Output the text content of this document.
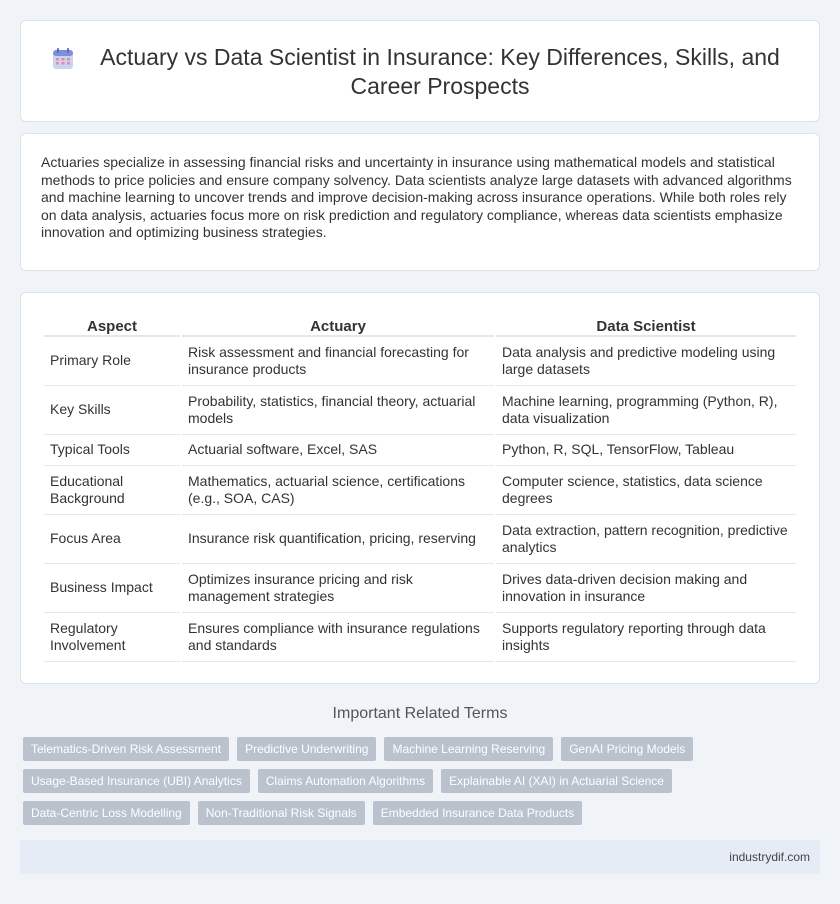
Actuary vs Data Scientist in Insurance: Key Differences, Skills, and Career Prospects

Actuaries specialize in assessing financial risks and uncertainty in insurance using mathematical models and statistical methods to price policies and ensure company solvency. Data scientists analyze large datasets with advanced algorithms and machine learning to uncover trends and improve decision-making across insurance operations. While both roles rely on data analysis, actuaries focus more on risk prediction and regulatory compliance, whereas data scientists emphasize innovation and optimizing business strategies.

Aspect	Actuary	Data Scientist
Primary Role	Risk assessment and financial forecasting for insurance products	Data analysis and predictive modeling using large datasets
Key Skills	Probability, statistics, financial theory, actuarial models	Machine learning, programming (Python, R), data visualization
Typical Tools	Actuarial software, Excel, SAS	Python, R, SQL, TensorFlow, Tableau
Educational Background	Mathematics, actuarial science, certifications (e.g., SOA, CAS)	Computer science, statistics, data science degrees
Focus Area	Insurance risk quantification, pricing, reserving	Data extraction, pattern recognition, predictive analytics
Business Impact	Optimizes insurance pricing and risk management strategies	Drives data-driven decision making and innovation in insurance
Regulatory Involvement	Ensures compliance with insurance regulations and standards	Supports regulatory reporting through data insights
Important Related Terms
Telematics-Driven Risk Assessment	Predictive Underwriting	Machine Learning Reserving	GenAI Pricing Models
Usage-Based Insurance (UBI) Analytics	Claims Automation Algorithms	Explainable AI (XAI) in Actuarial Science
Data-Centric Loss Modelling	Non-Traditional Risk Signals	Embedded Insurance Data Products
industrydif.com
